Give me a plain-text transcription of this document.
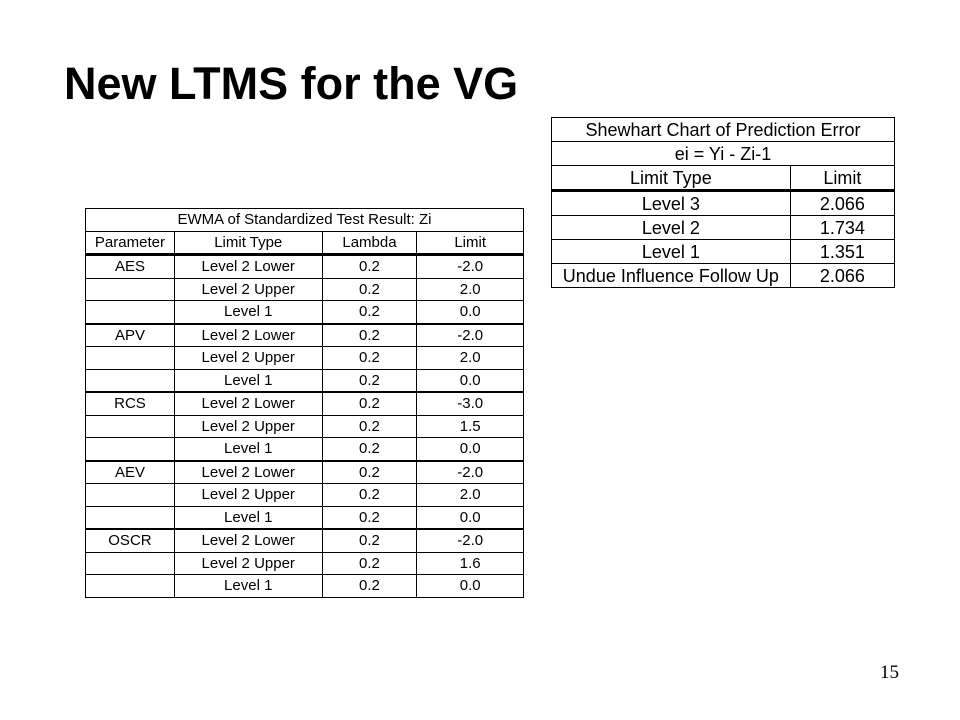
New LTMS for the VG
Shewhart Chart of Prediction Error	
ei = Yi - Zi-1	
Limit Type	Limit
Level 3	2.066
Level 2	1.734
Level 1	1.351
Undue Influence Follow Up	2.066
EWMA of Standardized Test Result: Zi			
Parameter	Limit Type	Lambda	Limit
AES	Level 2 Lower	0.2	-2.0
	Level 2 Upper	0.2	2.0
	Level 1	0.2	0.0
APV	Level 2 Lower	0.2	-2.0
	Level 2 Upper	0.2	2.0
	Level 1	0.2	0.0
RCS	Level 2 Lower	0.2	-3.0
	Level 2 Upper	0.2	1.5
	Level 1	0.2	0.0
AEV	Level 2 Lower	0.2	-2.0
	Level 2 Upper	0.2	2.0
	Level 1	0.2	0.0
OSCR	Level 2 Lower	0.2	-2.0
	Level 2 Upper	0.2	1.6
	Level 1	0.2	0.0
15
